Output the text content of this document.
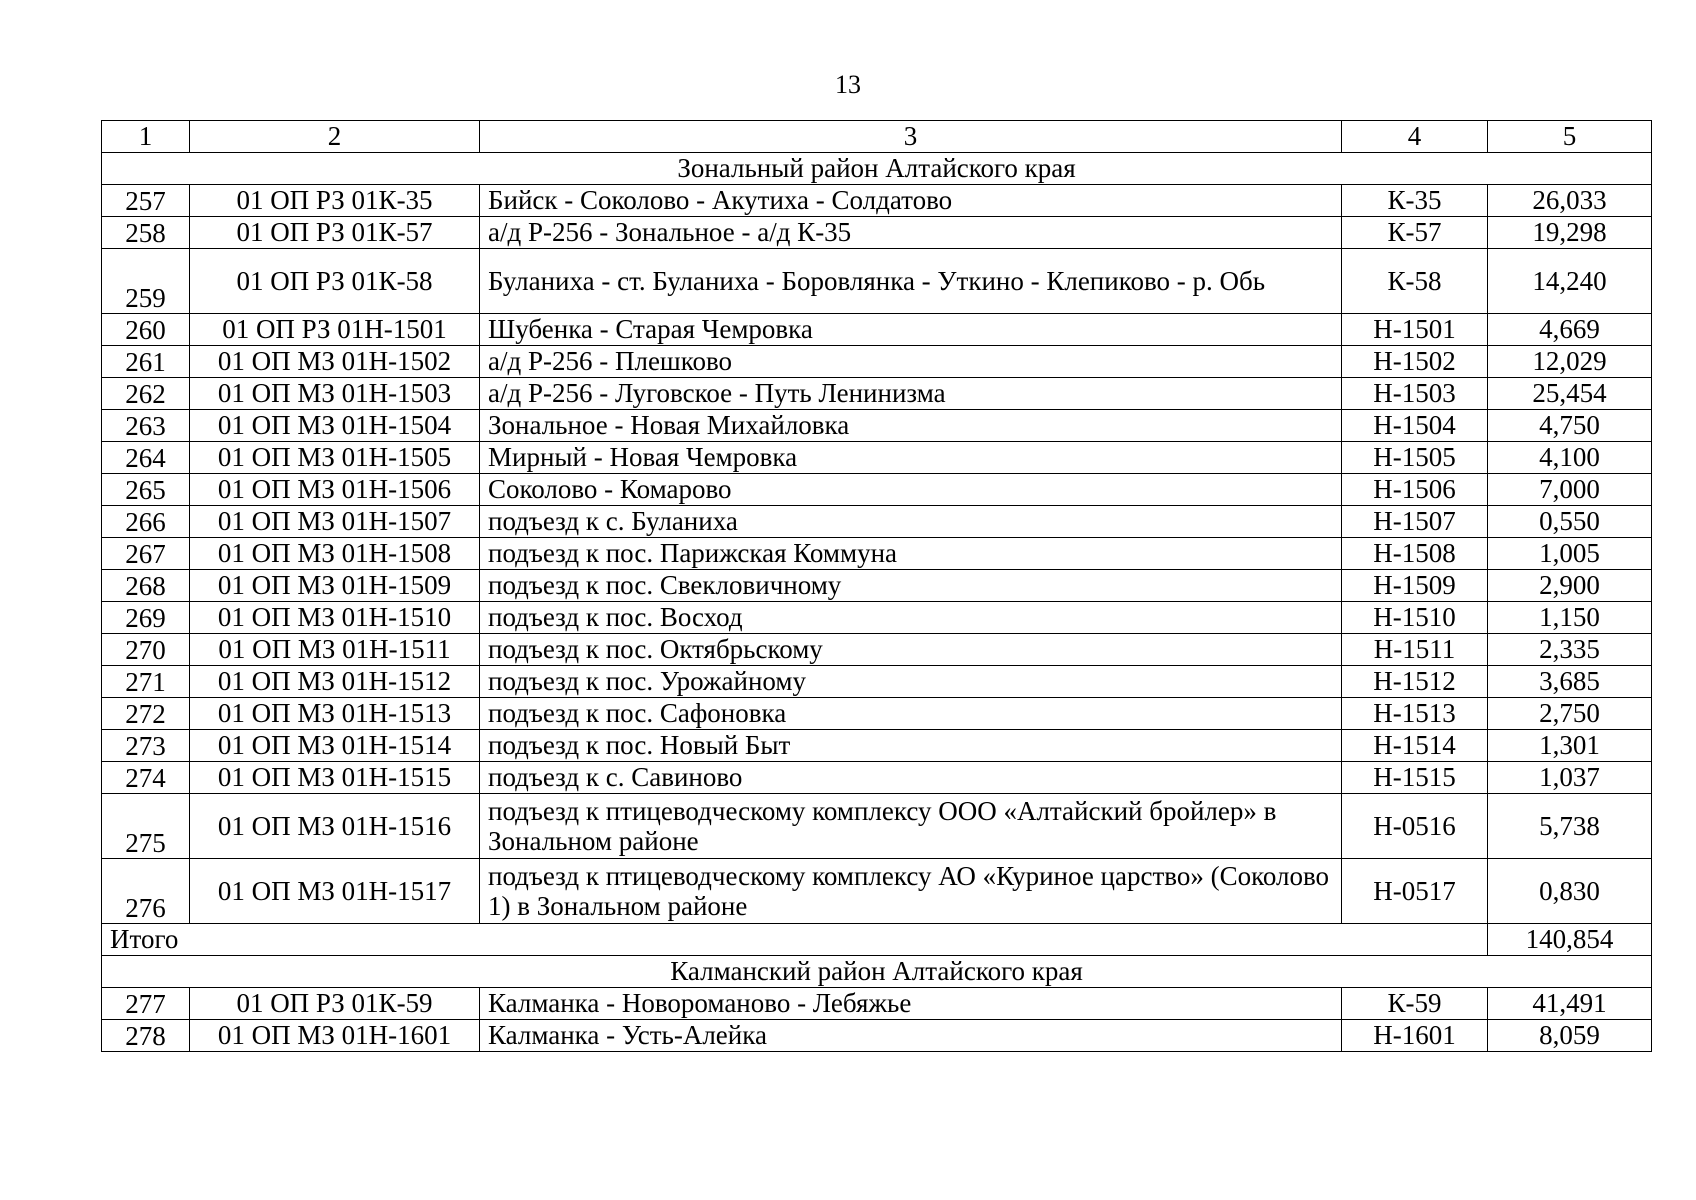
13
1	2	3	4	5
Зональный район Алтайского края				
257	01 ОП РЗ 01К-35	Бийск - Соколово - Акутиха - Солдатово	К-35	26,033
258	01 ОП РЗ 01К-57	а/д Р-256 - Зональное - а/д К-35	К-57	19,298
259	01 ОП РЗ 01К-58	Буланиха - ст. Буланиха - Боровлянка - Уткино - Клепиково - р. Обь	К-58	14,240
260	01 ОП РЗ 01Н-1501	Шубенка - Старая Чемровка	Н-1501	4,669
261	01 ОП МЗ 01Н-1502	а/д Р-256 - Плешково	Н-1502	12,029
262	01 ОП МЗ 01Н-1503	а/д Р-256 - Луговское - Путь Ленинизма	Н-1503	25,454
263	01 ОП МЗ 01Н-1504	Зональное - Новая Михайловка	Н-1504	4,750
264	01 ОП МЗ 01Н-1505	Мирный - Новая Чемровка	Н-1505	4,100
265	01 ОП МЗ 01Н-1506	Соколово - Комарово	Н-1506	7,000
266	01 ОП МЗ 01Н-1507	подъезд к с. Буланиха	Н-1507	0,550
267	01 ОП МЗ 01Н-1508	подъезд к пос. Парижская Коммуна	Н-1508	1,005
268	01 ОП МЗ 01Н-1509	подъезд к пос. Свекловичному	Н-1509	2,900
269	01 ОП МЗ 01Н-1510	подъезд к пос. Восход	Н-1510	1,150
270	01 ОП МЗ 01Н-1511	подъезд к пос. Октябрьскому	Н-1511	2,335
271	01 ОП МЗ 01Н-1512	подъезд к пос. Урожайному	Н-1512	3,685
272	01 ОП МЗ 01Н-1513	подъезд к пос. Сафоновка	Н-1513	2,750
273	01 ОП МЗ 01Н-1514	подъезд к пос. Новый Быт	Н-1514	1,301
274	01 ОП МЗ 01Н-1515	подъезд к с. Савиново	Н-1515	1,037
275	01 ОП МЗ 01Н-1516	подъезд к птицеводческому комплексу ООО «Алтайский бройлер» в Зональном районе	Н-0516	5,738
276	01 ОП МЗ 01Н-1517	подъезд к птицеводческому комплексу АО «Куриное царство» (Соколово 1) в Зональном районе	Н-0517	0,830
Итого				140,854
Калманский район Алтайского края				
277	01 ОП РЗ 01К-59	Калманка - Новороманово - Лебяжье	К-59	41,491
278	01 ОП МЗ 01Н-1601	Калманка - Усть-Алейка	Н-1601	8,059
